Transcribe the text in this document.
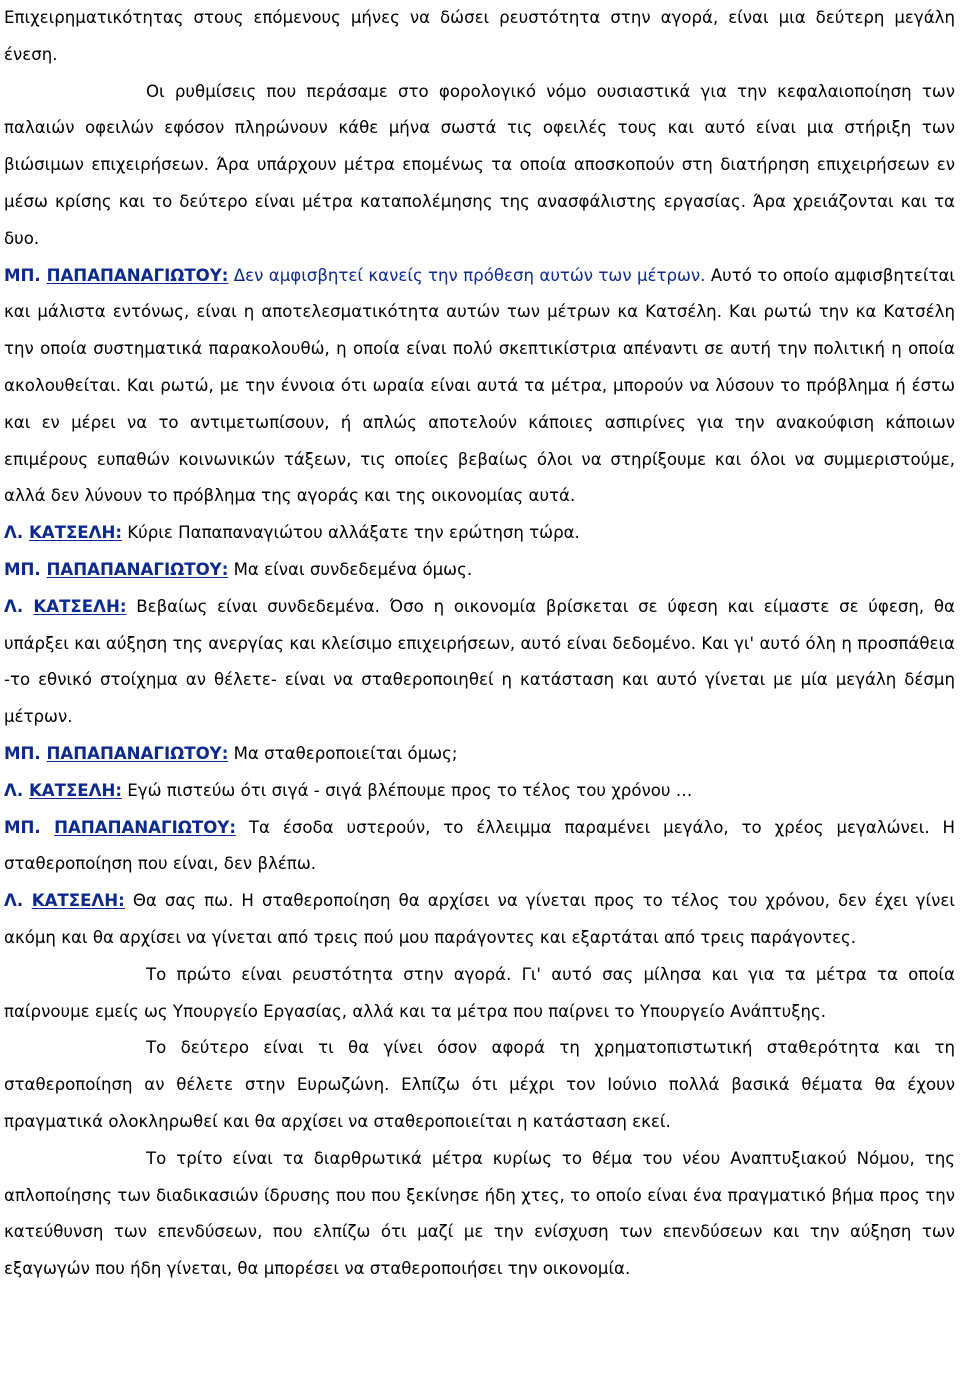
Επιχειρηματικότητας στους επόμενους μήνες να δώσει ρευστότητα στην αγορά, είναι μια δεύτερη μεγάλη ένεση.

Οι ρυθμίσεις που περάσαμε στο φορολογικό νόμο ουσιαστικά για την κεφαλαιοποίηση των παλαιών οφειλών εφόσον πληρώνουν κάθε μήνα σωστά τις οφειλές τους και αυτό είναι μια στήριξη των βιώσιμων επιχειρήσεων. Άρα υπάρχουν μέτρα επομένως τα οποία αποσκοπούν στη διατήρηση επιχειρήσεων εν μέσω κρίσης και το δεύτερο είναι μέτρα καταπολέμησης της ανασφάλιστης εργασίας. Άρα χρειάζονται και τα δυο.

ΜΠ. ΠΑΠΑΠΑΝΑΓΙΩΤΟΥ: Δεν αμφισβητεί κανείς την πρόθεση αυτών των μέτρων. Αυτό το οποίο αμφισβητείται και μάλιστα εντόνως, είναι η αποτελεσματικότητα αυτών των μέτρων κα Κατσέλη. Και ρωτώ την κα Κατσέλη την οποία συστηματικά παρακολουθώ, η οποία είναι πολύ σκεπτικίστρια απέναντι σε αυτή την πολιτική η οποία ακολουθείται. Και ρωτώ, με την έννοια ότι ωραία είναι αυτά τα μέτρα, μπορούν να λύσουν το πρόβλημα ή έστω και εν μέρει να το αντιμετωπίσουν, ή απλώς αποτελούν κάποιες ασπιρίνες για την ανακούφιση κάποιων επιμέρους ευπαθών κοινωνικών τάξεων, τις οποίες βεβαίως όλοι να στηρίξουμε και όλοι να συμμεριστούμε, αλλά δεν λύνουν το πρόβλημα της αγοράς και της οικονομίας αυτά.

Λ. ΚΑΤΣΕΛΗ: Κύριε Παπαπαναγιώτου αλλάξατε την ερώτηση τώρα.

ΜΠ. ΠΑΠΑΠΑΝΑΓΙΩΤΟΥ: Μα είναι συνδεδεμένα όμως.

Λ. ΚΑΤΣΕΛΗ: Βεβαίως είναι συνδεδεμένα. Όσο η οικονομία βρίσκεται σε ύφεση και είμαστε σε ύφεση, θα υπάρξει και αύξηση της ανεργίας και κλείσιμο επιχειρήσεων, αυτό είναι δεδομένο. Και γι' αυτό όλη η προσπάθεια -το εθνικό στοίχημα αν θέλετε- είναι να σταθεροποιηθεί η κατάσταση και αυτό γίνεται με μία μεγάλη δέσμη μέτρων.

ΜΠ. ΠΑΠΑΠΑΝΑΓΙΩΤΟΥ: Μα σταθεροποιείται όμως;

Λ. ΚΑΤΣΕΛΗ: Εγώ πιστεύω ότι σιγά - σιγά βλέπουμε προς το τέλος του χρόνου …

ΜΠ. ΠΑΠΑΠΑΝΑΓΙΩΤΟΥ: Τα έσοδα υστερούν, το έλλειμμα παραμένει μεγάλο, το χρέος μεγαλώνει. Η σταθεροποίηση που είναι, δεν βλέπω.

Λ. ΚΑΤΣΕΛΗ: Θα σας πω. Η σταθεροποίηση θα αρχίσει να γίνεται προς το τέλος του χρόνου, δεν έχει γίνει ακόμη και θα αρχίσει να γίνεται από τρεις πού μου παράγοντες και εξαρτάται από τρεις παράγοντες.

Το πρώτο είναι ρευστότητα στην αγορά. Γι' αυτό σας μίλησα και για τα μέτρα τα οποία παίρνουμε εμείς ως Υπουργείο Εργασίας, αλλά και τα μέτρα που παίρνει το Υπουργείο Ανάπτυξης.

Το δεύτερο είναι τι θα γίνει όσον αφορά τη χρηματοπιστωτική σταθερότητα και τη σταθεροποίηση αν θέλετε στην Ευρωζώνη. Ελπίζω ότι μέχρι τον Ιούνιο πολλά βασικά θέματα θα έχουν πραγματικά ολοκληρωθεί και θα αρχίσει να σταθεροποιείται η κατάσταση εκεί.

Το τρίτο είναι τα διαρθρωτικά μέτρα κυρίως το θέμα του νέου Αναπτυξιακού Νόμου, της απλοποίησης των διαδικασιών ίδρυσης που που ξεκίνησε ήδη χτες, το οποίο είναι ένα πραγματικό βήμα προς την κατεύθυνση των επενδύσεων, που ελπίζω ότι μαζί με την ενίσχυση των επενδύσεων και την αύξηση των εξαγωγών που ήδη γίνεται, θα μπορέσει να σταθεροποιήσει την οικονομία.
